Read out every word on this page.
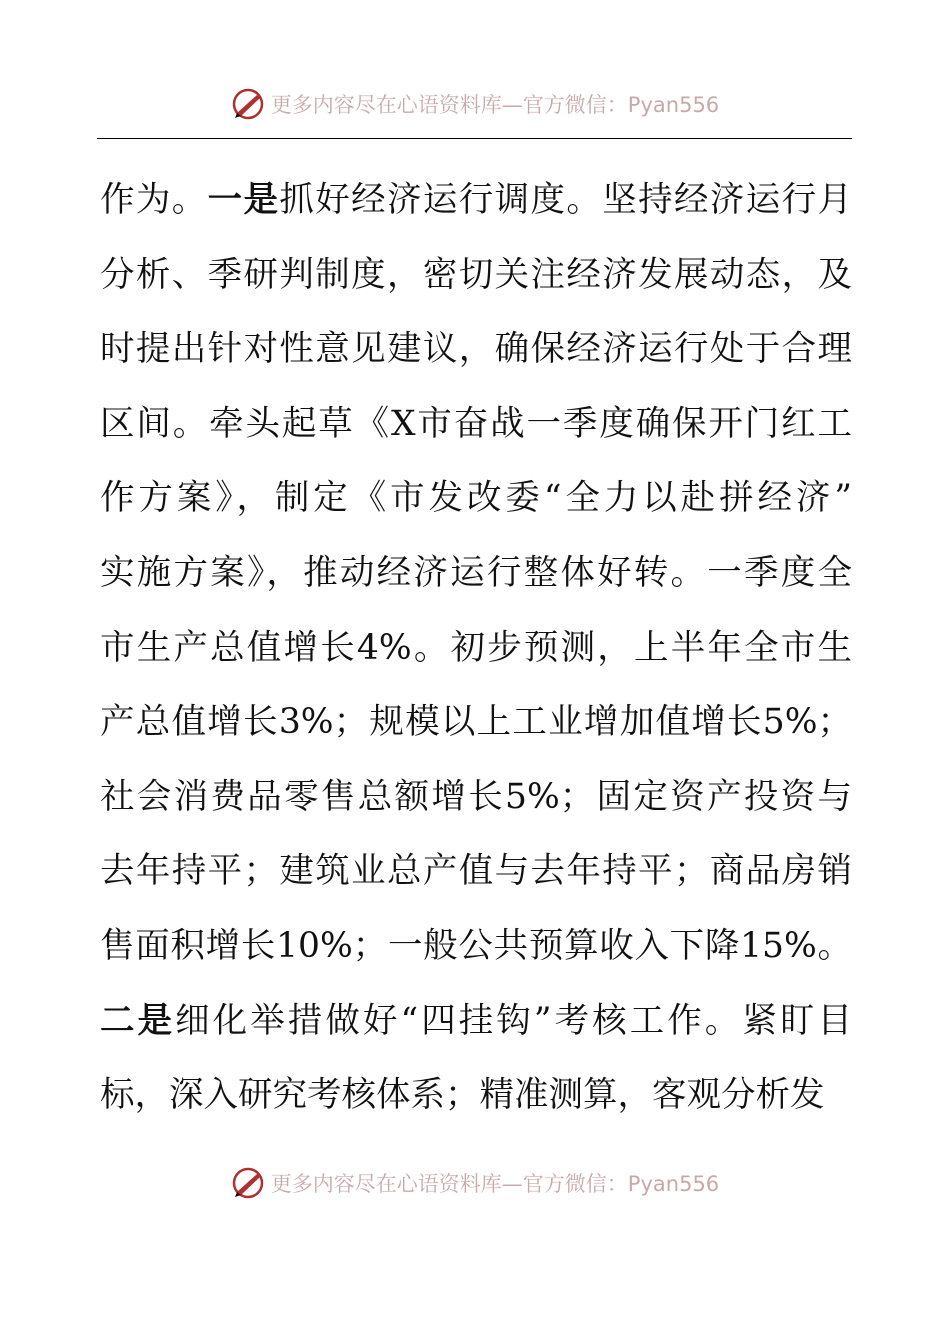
更多内容尽在心语资料库—官方微信：Pyan556
作为。一是抓好经济运行调度。坚持经济运行月
分析、季研判制度，密切关注经济发展动态，及
时提出针对性意见建议，确保经济运行处于合理
区间。牵头起草《X市奋战一季度确保开门红工
作方案》，制定《市发改委“全力以赴拼经济”
实施方案》，推动经济运行整体好转。一季度全
市生产总值增长4%。初步预测，上半年全市生
产总值增长3%；规模以上工业增加值增长5%；
社会消费品零售总额增长5%；固定资产投资与
去年持平；建筑业总产值与去年持平；商品房销
售面积增长10%；一般公共预算收入下降15%。
二是细化举措做好“四挂钩”考核工作。紧盯目
标，深入研究考核体系；精准测算，客观分析发
更多内容尽在心语资料库—官方微信：Pyan556
